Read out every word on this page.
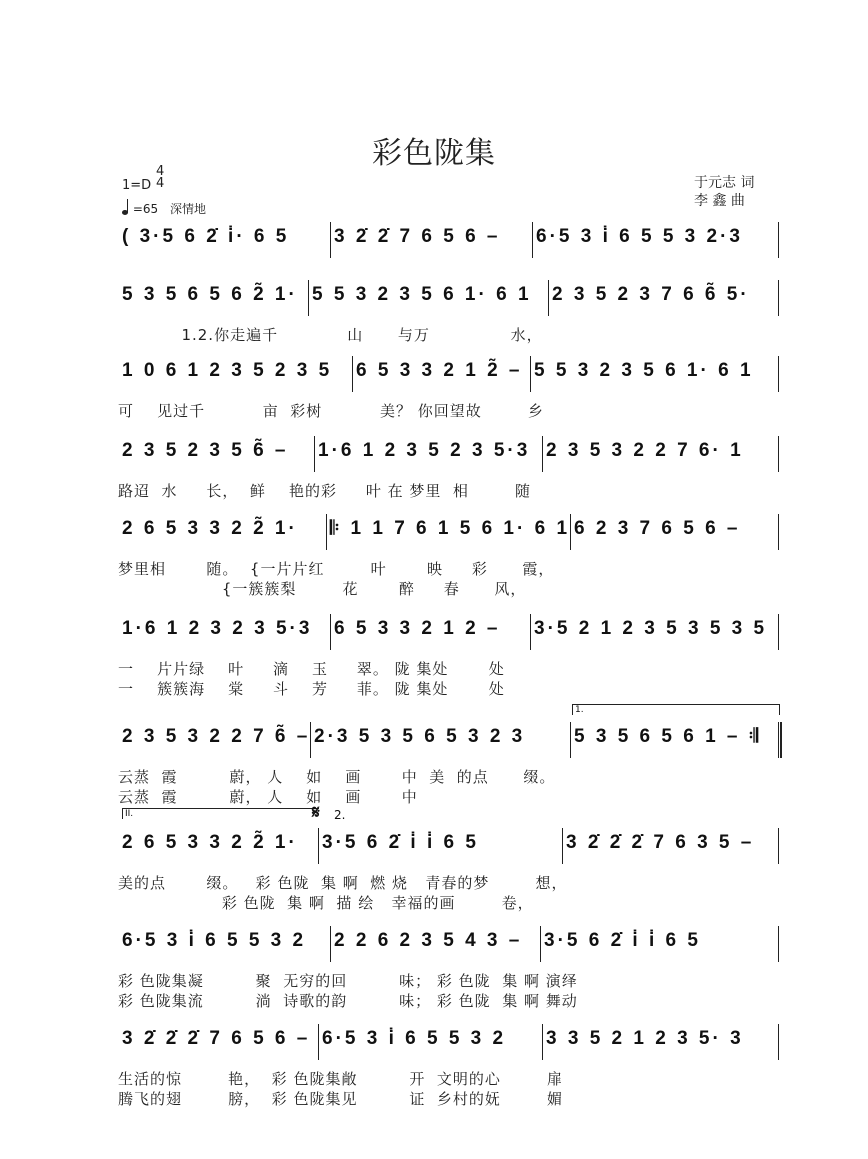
彩色陇集
1=D
4
4
=65 深情地
于元志 词
李 鑫 曲
( 3·5 6 2̇ i̇· 6 5 3 2̇ 2̇ 7 6 5 6 – 6·5 3 i̇ 6 5 5 3 2·3
5 3 5 6 5 6 2̃ 1· 5 5 3 2 3 5 6 1· 6 1 2 3 5 2 3 7 6 6̃ 5·
1.2.你走遍千            山      与万              水，
1 0 6 1 2 3 5 2 3 5 6 5 3 3 2 1 2̃ – 5 5 3 2 3 5 6 1· 6 1
可    见过千          亩  彩树          美？ 你回望故        乡
2 3 5 2 3 5 6̃ – 1·6 1 2 3 5 2 3 5·3 2 3 5 3 2 2 7 6· 1
路迢  水     长，  鲜    艳的彩     叶 在 梦里  相        随
2 6 5 3 3 2 2̃ 1· 𝄆 1 1 7 6 1 5 6 1· 6 1 6 2 3 7 6 5 6 –
梦里相       随。  {一片片红        叶       映     彩      霞，
{一簇簇梨        花       醉     春      风，
1·6 1 2 3 2 3 5·3 6 5 3 3 2 1 2 – 3·5 2 1 2 3 5 3 5 3 5
一    片片绿    叶     滴    玉     翠。 陇 集处       处
一    簇簇海    棠     斗    芳     菲。 陇 集处       处
2 3 5 3 2 2 7 6̃ – 2·3 5 3 5 6 5 3 2 3	5 3 5 6 5 6 1 – 𝄇
1.
云蒸  霞         蔚， 人    如    画       中  美  的点      缀。
云蒸  霞         蔚， 人    如    画       中
2 6 5 3 3 2 2̃ 1· 3·5 6 2̇ i̇ i̇ 6 5	3 2̇ 2̇ 2̇ 7 6 3 5 –
II.	𝄋 2.
美的点       缀。   彩 色陇  集 啊  燃 烧   青春的梦        想，
彩 色陇  集 啊  描 绘   幸福的画        卷，
6·5 3 i̇ 6 5 5 3 2 2 2 6 2 3 5 4 3 – 3·5 6 2̇ i̇ i̇ 6 5
彩 色陇集凝         聚  无穷的回         味； 彩 色陇  集 啊 演绎
彩 色陇集流         淌  诗歌的韵         味； 彩 色陇  集 啊 舞动
3 2̇ 2̇ 2̇ 7 6 5 6 – 6·5 3 i̇ 6 5 5 3 2 3 3 5 2 1 2 3 5· 3
生活的惊        艳，  彩 色陇集敞         开  文明的心        扉
腾飞的翅        膀，  彩 色陇集见         证  乡村的妩        媚
